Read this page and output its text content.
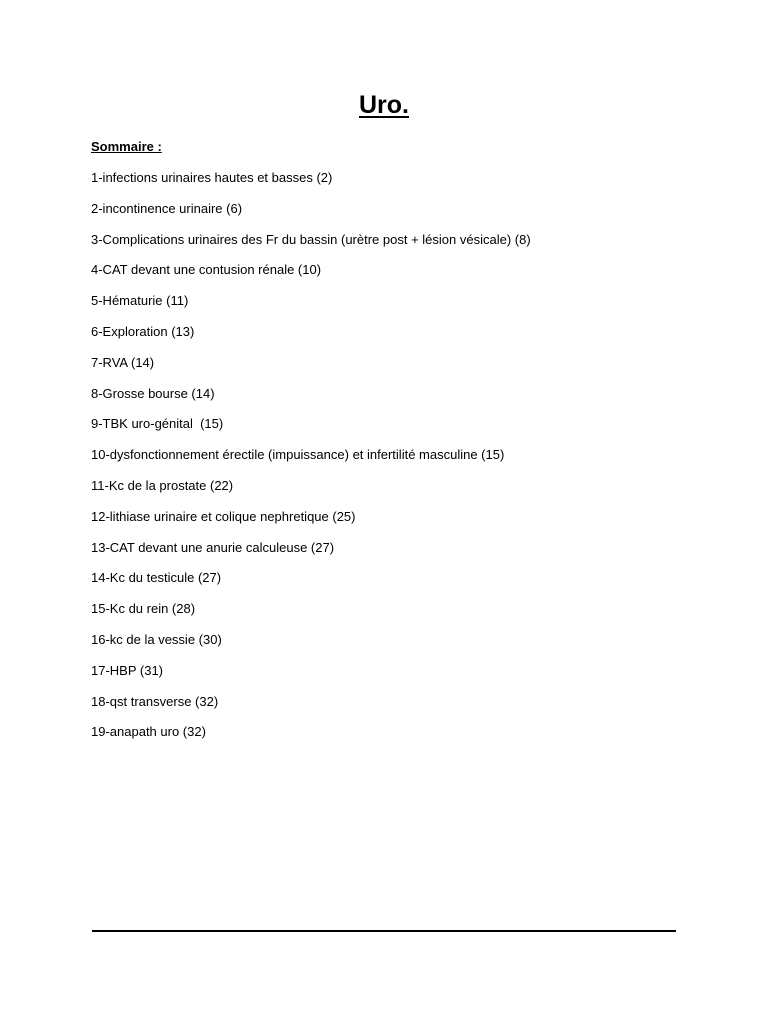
Uro.

Sommaire :

1-infections urinaires hautes et basses (2)
2-incontinence urinaire (6)
3-Complications urinaires des Fr du bassin (urètre post + lésion vésicale) (8)
4-CAT devant une contusion rénale (10)
5-Hématurie (11)
6-Exploration (13)
7-RVA (14)
8-Grosse bourse (14)
9-TBK uro-génital  (15)
10-dysfonctionnement érectile (impuissance) et infertilité masculine (15)
11-Kc de la prostate (22)
12-lithiase urinaire et colique nephretique (25)
13-CAT devant une anurie calculeuse (27)
14-Kc du testicule (27)
15-Kc du rein (28)
16-kc de la vessie (30)
17-HBP (31)
18-qst transverse (32)
19-anapath uro (32)
